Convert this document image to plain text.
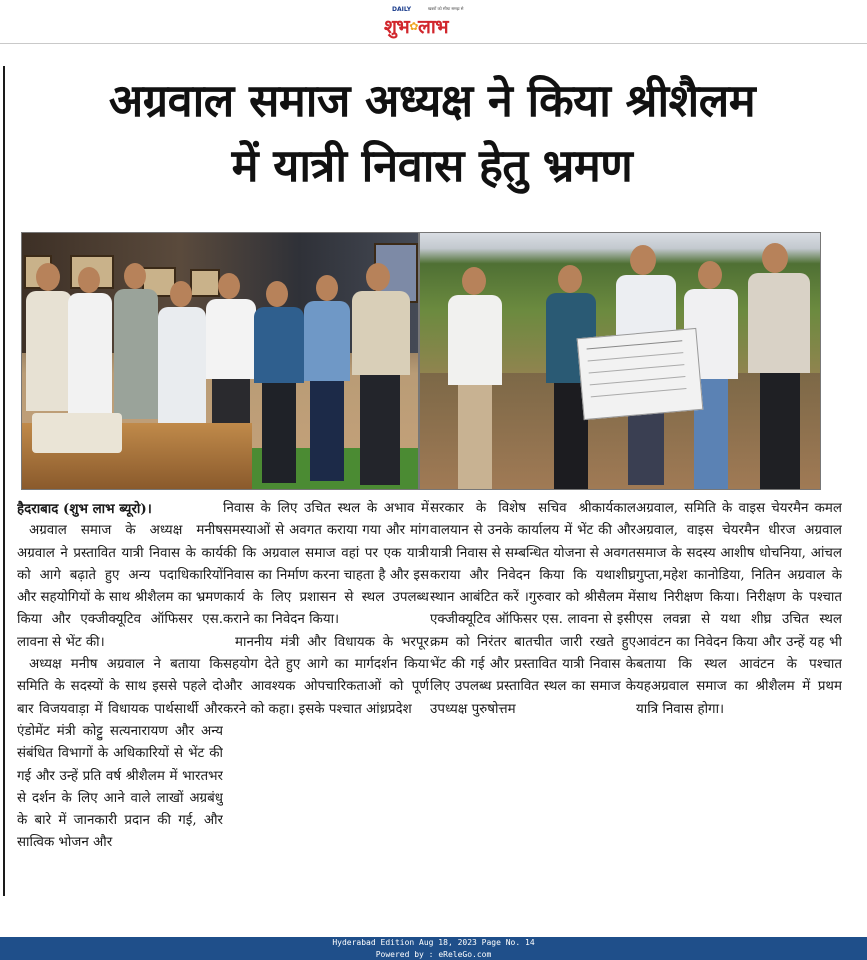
DAILY	खबरों को सीधा समझ से
शुभ✿लाभ
अग्रवाल समाज अध्यक्ष ने किया श्रीशैलम
में यात्री निवास हेतु भ्रमण

हैदराबाद (शुभ लाभ ब्यूरो)।

अग्रवाल समाज के अध्यक्ष मनीष अग्रवाल ने प्रस्तावित यात्री निवास के कार्य को आगे बढ़ाते हुए अन्य पदाधिकारियों और सहयोगियों के साथ श्रीशैलम का भ्रमण किया और एक्जीक्यूटिव ऑफिसर एस. लावना से भेंट की।

अध्यक्ष मनीष अग्रवाल ने बताया कि समिति के सदस्यों के साथ इससे पहले दो बार विजयवाड़ा में विधायक पार्थसार्थी और एंडोमेंट मंत्री कोट्टु सत्यनारायण और अन्य संबंधित विभागों के अधिकारियों से भेंट की गई और उन्हें प्रति वर्ष श्रीशैलम में भारतभर से दर्शन के लिए आने वाले लाखों अग्रबंधु के बारे में जानकारी प्रदान की गई, और सात्विक भोजन और

निवास के लिए उचित स्थल के अभाव में समस्याओं से अवगत कराया गया और मांग की कि अग्रवाल समाज वहां पर एक यात्री निवास का निर्माण करना चाहता है और इस कार्य के लिए प्रशासन से स्थल उपलब्ध कराने का निवेदन किया।

माननीय मंत्री और विधायक के भरपूर सहयोग देते हुए आगे का मार्गदर्शन किया और आवश्यक ओपचारिकताओं को पूर्ण करने को कहा। इसके पश्चात आंध्रप्रदेश

सरकार के विशेष सचिव श्रीकार्यकाल वालयान से उनके कार्यालय में भेंट की और यात्री निवास से सम्बन्धित योजना से अवगत कराया और निवेदन किया कि यथाशीघ्र स्थान आबंटित करें ।गुरुवार को श्रीसैलम में एक्जीक्यूटिव ऑफिसर एस. लावना से इसी क्रम को निरंतर बातचीत जारी रखते हुए भेंट की गई और प्रस्तावित यात्री निवास के लिए उपलब्ध प्रस्तावित स्थल का समाज के उपध्यक्ष पुरुषोत्तम

अग्रवाल, समिति के वाइस चेयरमैन कमल अग्रवाल, वाइस चेयरमैन धीरज अग्रवाल समाज के सदस्य आशीष धोचनिया, आंचल गुप्ता,महेश कानोडिया, नितिन अग्रवाल के साथ निरीक्षण किया। निरीक्षण के पश्चात एस लवन्ना से यथा शीघ्र उचित स्थल आवंटन का निवेदन किया और उन्हें यह भी बताया कि स्थल आवंटन के पश्चात यहअग्रवाल समाज का श्रीशैलम में प्रथम यात्रि निवास होगा।

Hyderabad Edition Aug 18, 2023 Page No. 14
Powered by : eReleGo.com
